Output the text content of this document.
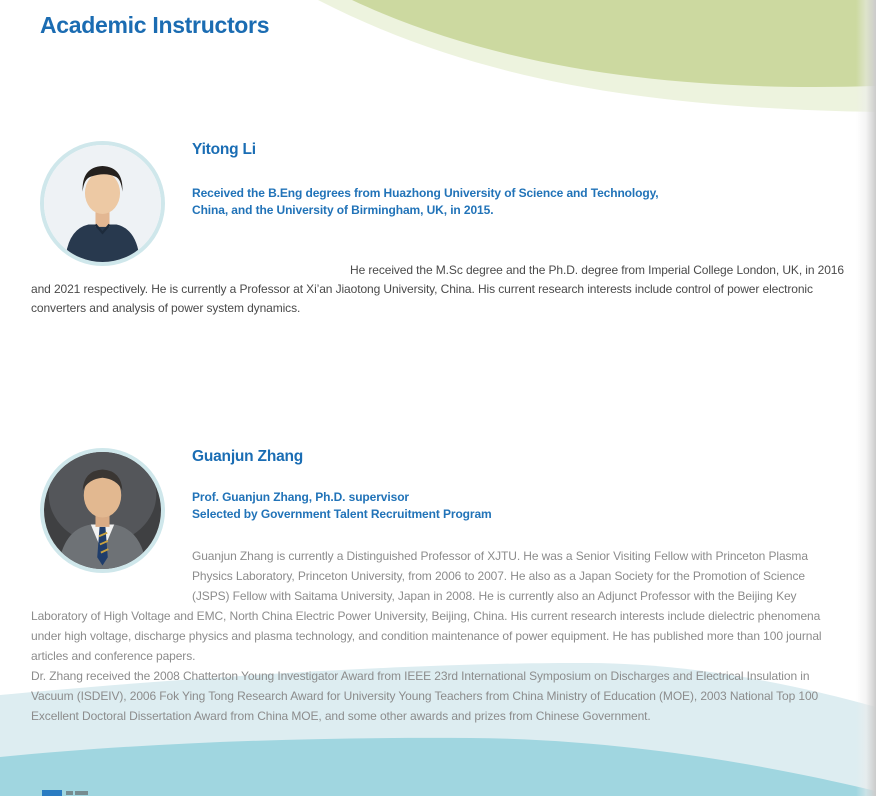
Academic Instructors
Yitong Li

Received the B.Eng degrees from Huazhong University of Science and Technology, China, and the University of Birmingham, UK, in 2015.

He received the M.Sc degree and the Ph.D. degree from Imperial College London, UK, in 2016 and 2021 respectively. He is currently a Professor at Xi’an Jiaotong University, China. His current research interests include control of power electronic converters and analysis of power system dynamics.

Guanjun Zhang

Prof. Guanjun Zhang, Ph.D. supervisor

Selected by Government Talent Recruitment Program

Guanjun Zhang is currently a Distinguished Professor of XJTU. He was a Senior Visiting Fellow with Princeton Plasma Physics Laboratory, Princeton University, from 2006 to 2007. He also as a Japan Society for the Promotion of Science (JSPS) Fellow with Saitama University, Japan in 2008. He is currently also an Adjunct Professor with the Beijing Key Laboratory of High Voltage and EMC, North China Electric Power University, Beijing, China. His current research interests include dielectric phenomena under high voltage, discharge physics and plasma technology, and condition maintenance of power equipment. He has published more than 100 journal articles and conference papers.

Dr. Zhang received the 2008 Chatterton Young Investigator Award from IEEE 23rd International Symposium on Discharges and Electrical Insulation in Vacuum (ISDEIV), 2006 Fok Ying Tong Research Award for University Young Teachers from China Ministry of Education (MOE), 2003 National Top 100 Excellent Doctoral Dissertation Award from China MOE, and some other awards and prizes from Chinese Government.
